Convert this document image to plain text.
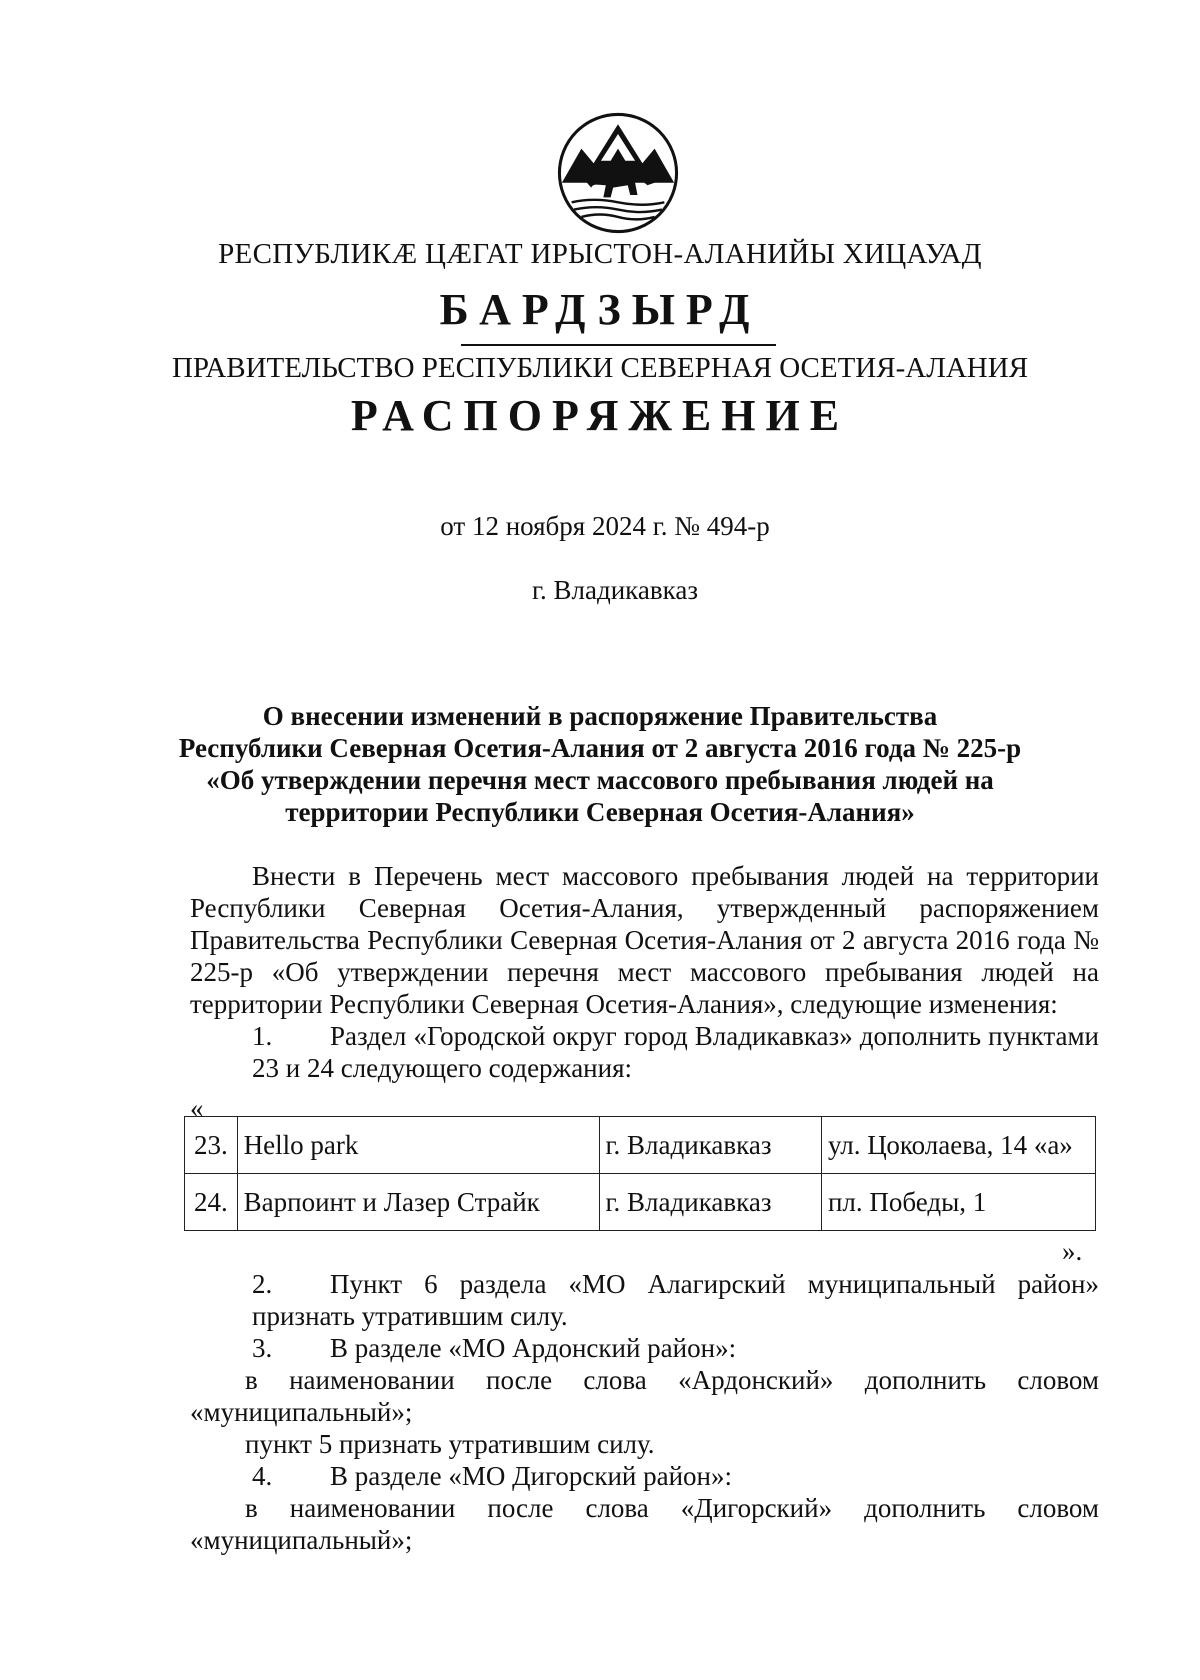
РЕСПУБЛИКÆ ЦÆГАТ ИРЫСТОН-АЛАНИЙЫ ХИЦАУАД
БАРДЗЫРД
ПРАВИТЕЛЬСТВО РЕСПУБЛИКИ СЕВЕРНАЯ ОСЕТИЯ-АЛАНИЯ
РАСПОРЯЖЕНИЕ
от 12 ноября 2024 г. № 494-р
г. Владикавказ
О внесении изменений в распоряжение Правительства
Республики Северная Осетия-Алания от 2 августа 2016 года № 225-р
«Об утверждении перечня мест массового пребывания людей на
территории Республики Северная Осетия-Алания»

Внести в Перечень мест массового пребывания людей на территории Республики Северная Осетия-Алания, утвержденный распоряжением Правительства Республики Северная Осетия-Алания от 2 августа 2016 года № 225-р «Об утверждении перечня мест массового пребывания людей на территории Республики Северная Осетия-Алания», следующие изменения:

1. Раздел «Городской округ город Владикавказ» дополнить пунктами 23 и 24 следующего содержания:

«
23.	Hello park	г. Владикавказ	ул. Цоколаева, 14 «а»
24.	Варпоинт и Лазер Страйк	г. Владикавказ	пл. Победы, 1
».

2. Пункт 6 раздела «МО Алагирский муниципальный район» признать утратившим силу.

3. В разделе «МО Ардонский район»:

в наименовании после слова «Ардонский» дополнить словом «муниципальный»;

пункт 5 признать утратившим силу.

4. В разделе «МО Дигорский район»:

в наименовании после слова «Дигорский» дополнить словом «муниципальный»;
